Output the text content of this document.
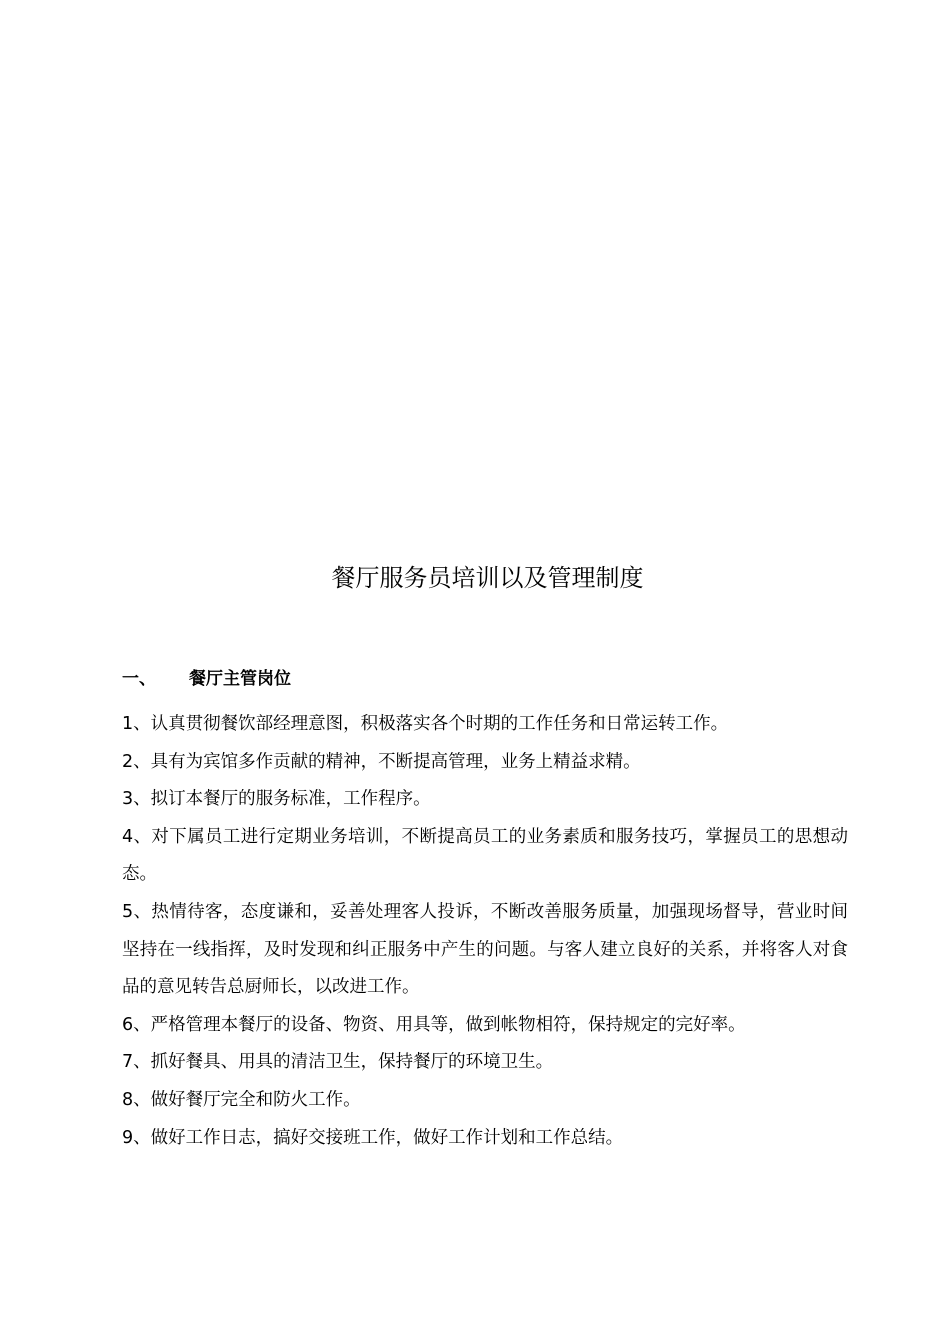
餐厅服务员培训以及管理制度
一、 餐厅主管岗位
1、认真贯彻餐饮部经理意图，积极落实各个时期的工作任务和日常运转工作。
2、具有为宾馆多作贡献的精神，不断提高管理，业务上精益求精。
3、拟订本餐厅的服务标准，工作程序。
4、对下属员工进行定期业务培训，不断提高员工的业务素质和服务技巧，掌握员工的思想动态。
5、热情待客，态度谦和，妥善处理客人投诉，不断改善服务质量，加强现场督导，营业时间坚持在一线指挥，及时发现和纠正服务中产生的问题。与客人建立良好的关系，并将客人对食品的意见转告总厨师长，以改进工作。
6、严格管理本餐厅的设备、物资、用具等，做到帐物相符，保持规定的完好率。
7、抓好餐具、用具的清洁卫生，保持餐厅的环境卫生。
8、做好餐厅完全和防火工作。
9、做好工作日志，搞好交接班工作，做好工作计划和工作总结。
